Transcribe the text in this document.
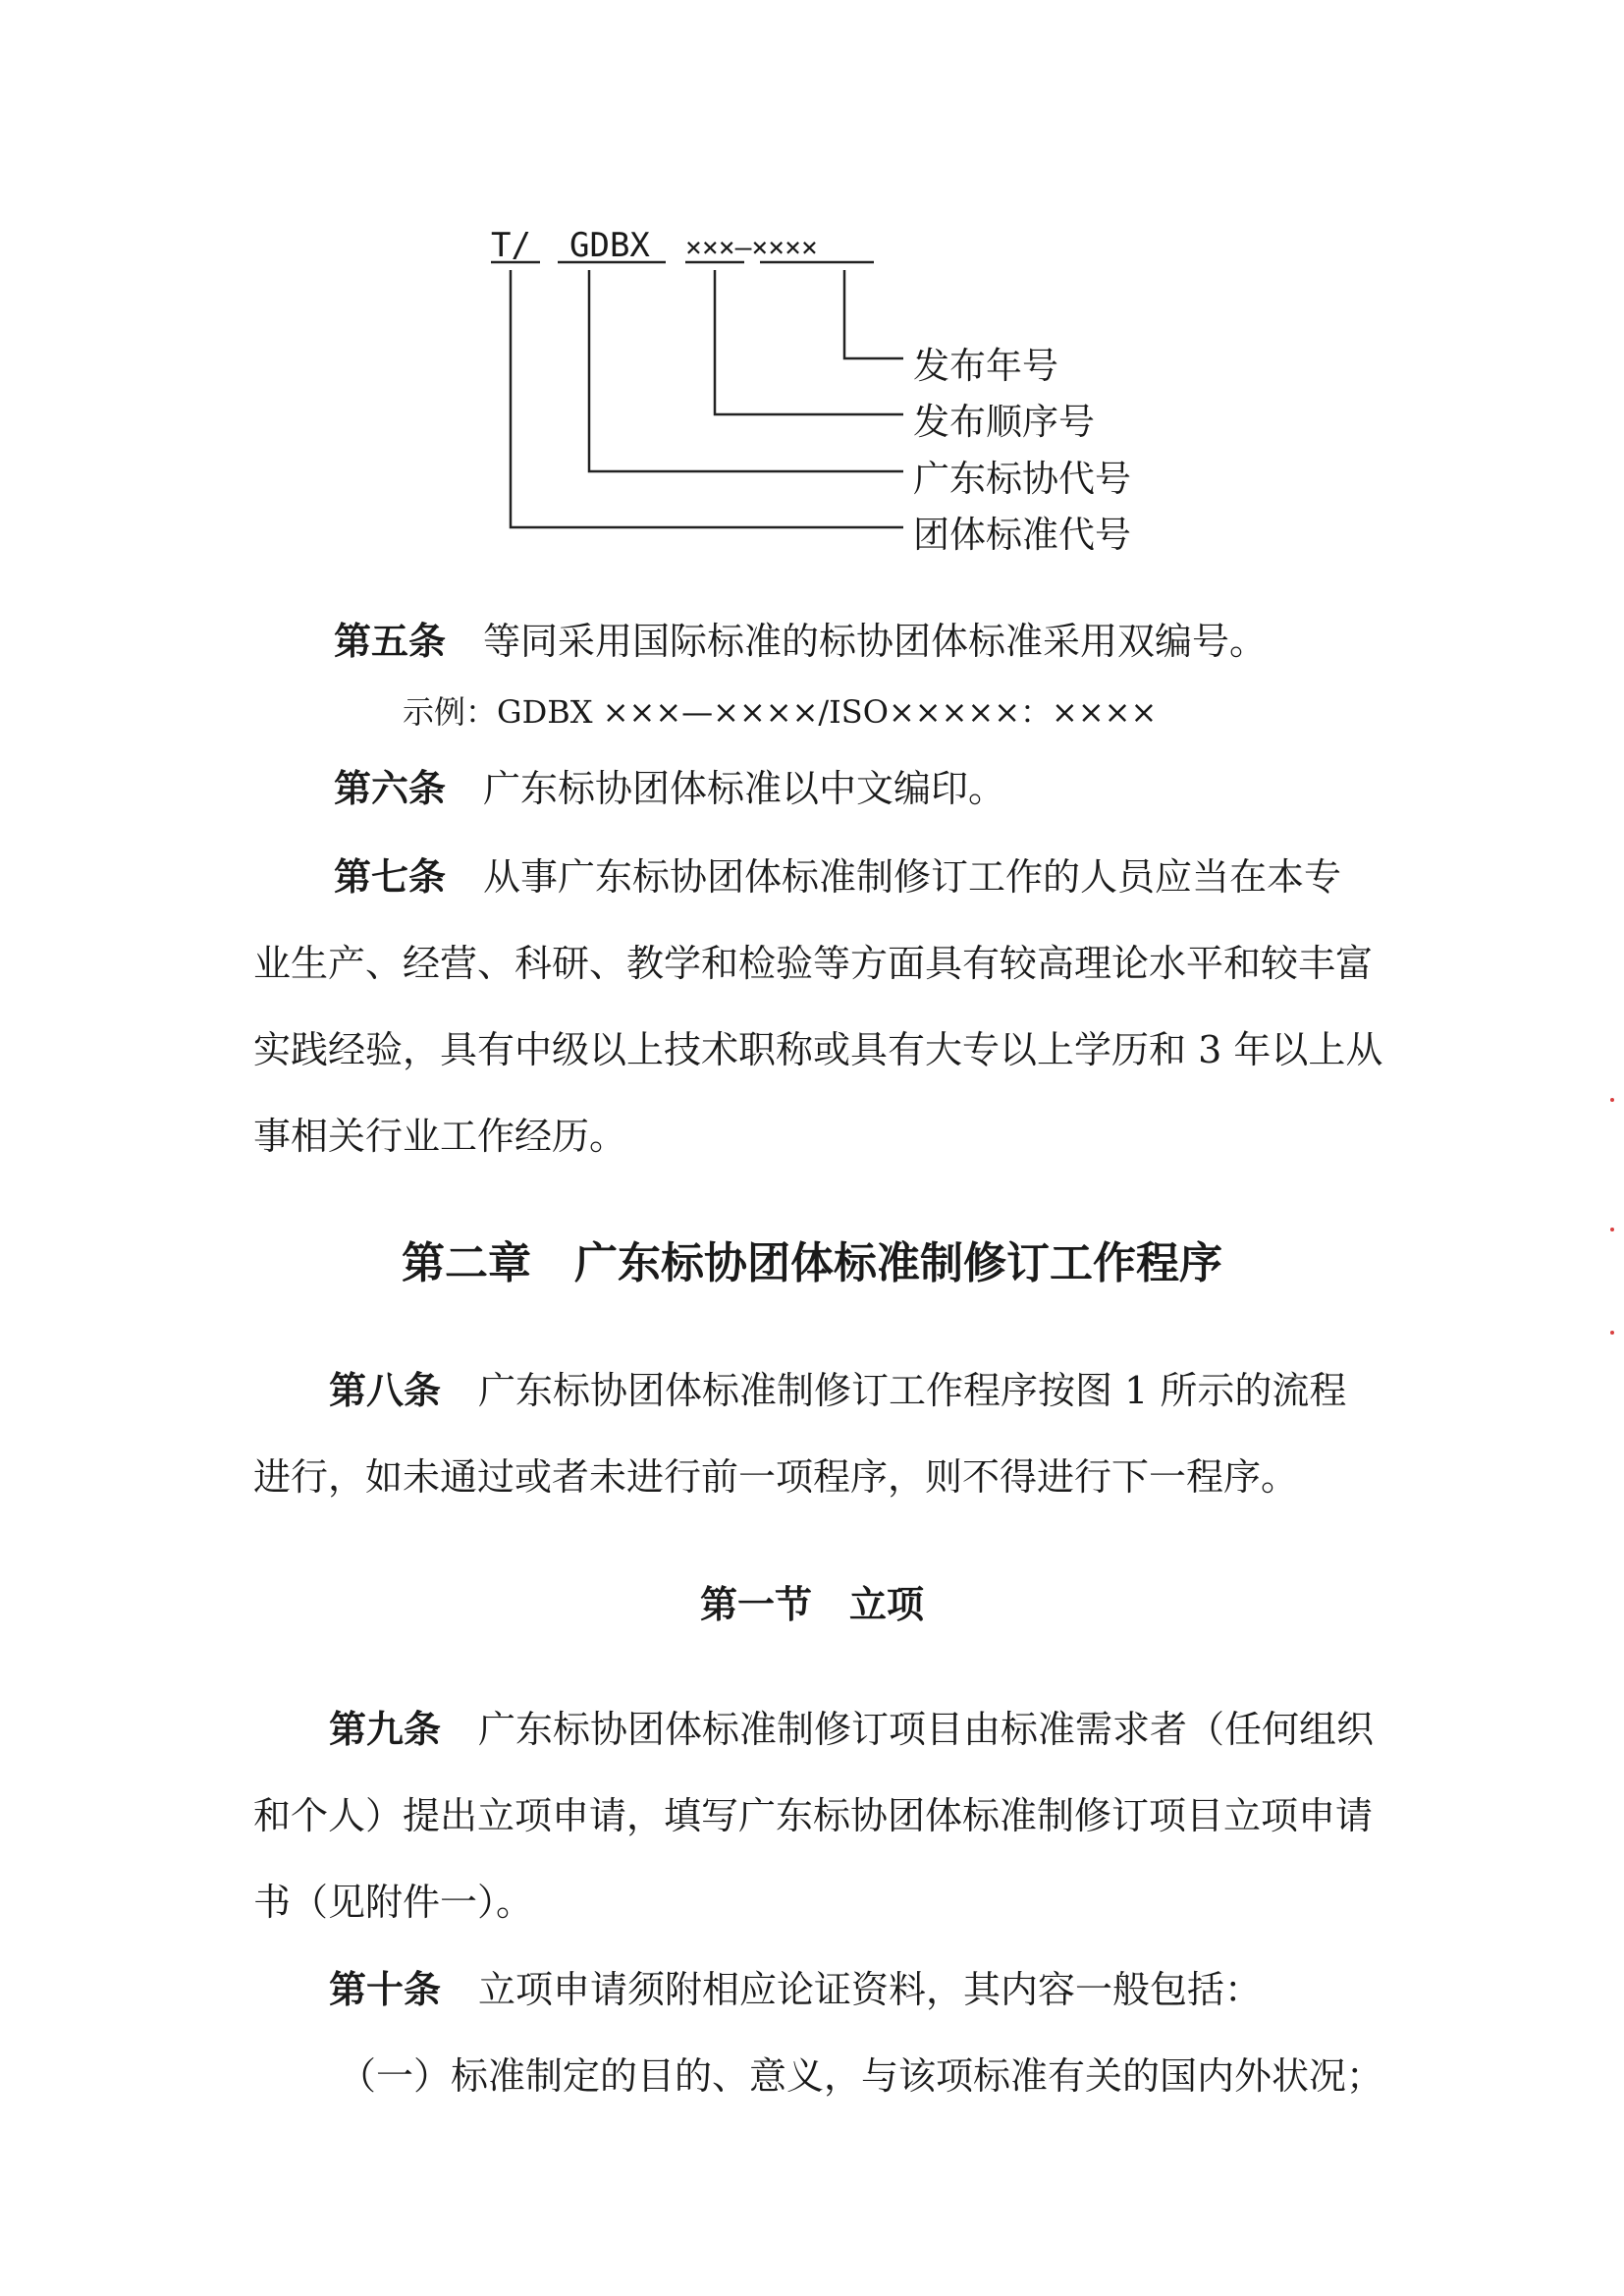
T/ GDBX ×××—××××
发布年号
发布顺序号
广东标协代号
团体标准代号
第五条 等同采用国际标准的标协团体标准采用双编号。
示例：GDBX ×××—××××/ISO×××××：××××
第六条 广东标协团体标准以中文编印。
第七条 从事广东标协团体标准制修订工作的人员应当在本专
业生产、经营、科研、教学和检验等方面具有较高理论水平和较丰富
实践经验，具有中级以上技术职称或具有大专以上学历和 3 年以上从
事相关行业工作经历。
第二章　广东标协团体标准制修订工作程序
第八条 广东标协团体标准制修订工作程序按图 1 所示的流程
进行，如未通过或者未进行前一项程序，则不得进行下一程序。
第一节　立项
第九条 广东标协团体标准制修订项目由标准需求者（任何组织
和个人）提出立项申请，填写广东标协团体标准制修订项目立项申请
书（见附件一）。
第十条 立项申请须附相应论证资料，其内容一般包括：
（一）标准制定的目的、意义，与该项标准有关的国内外状况；
